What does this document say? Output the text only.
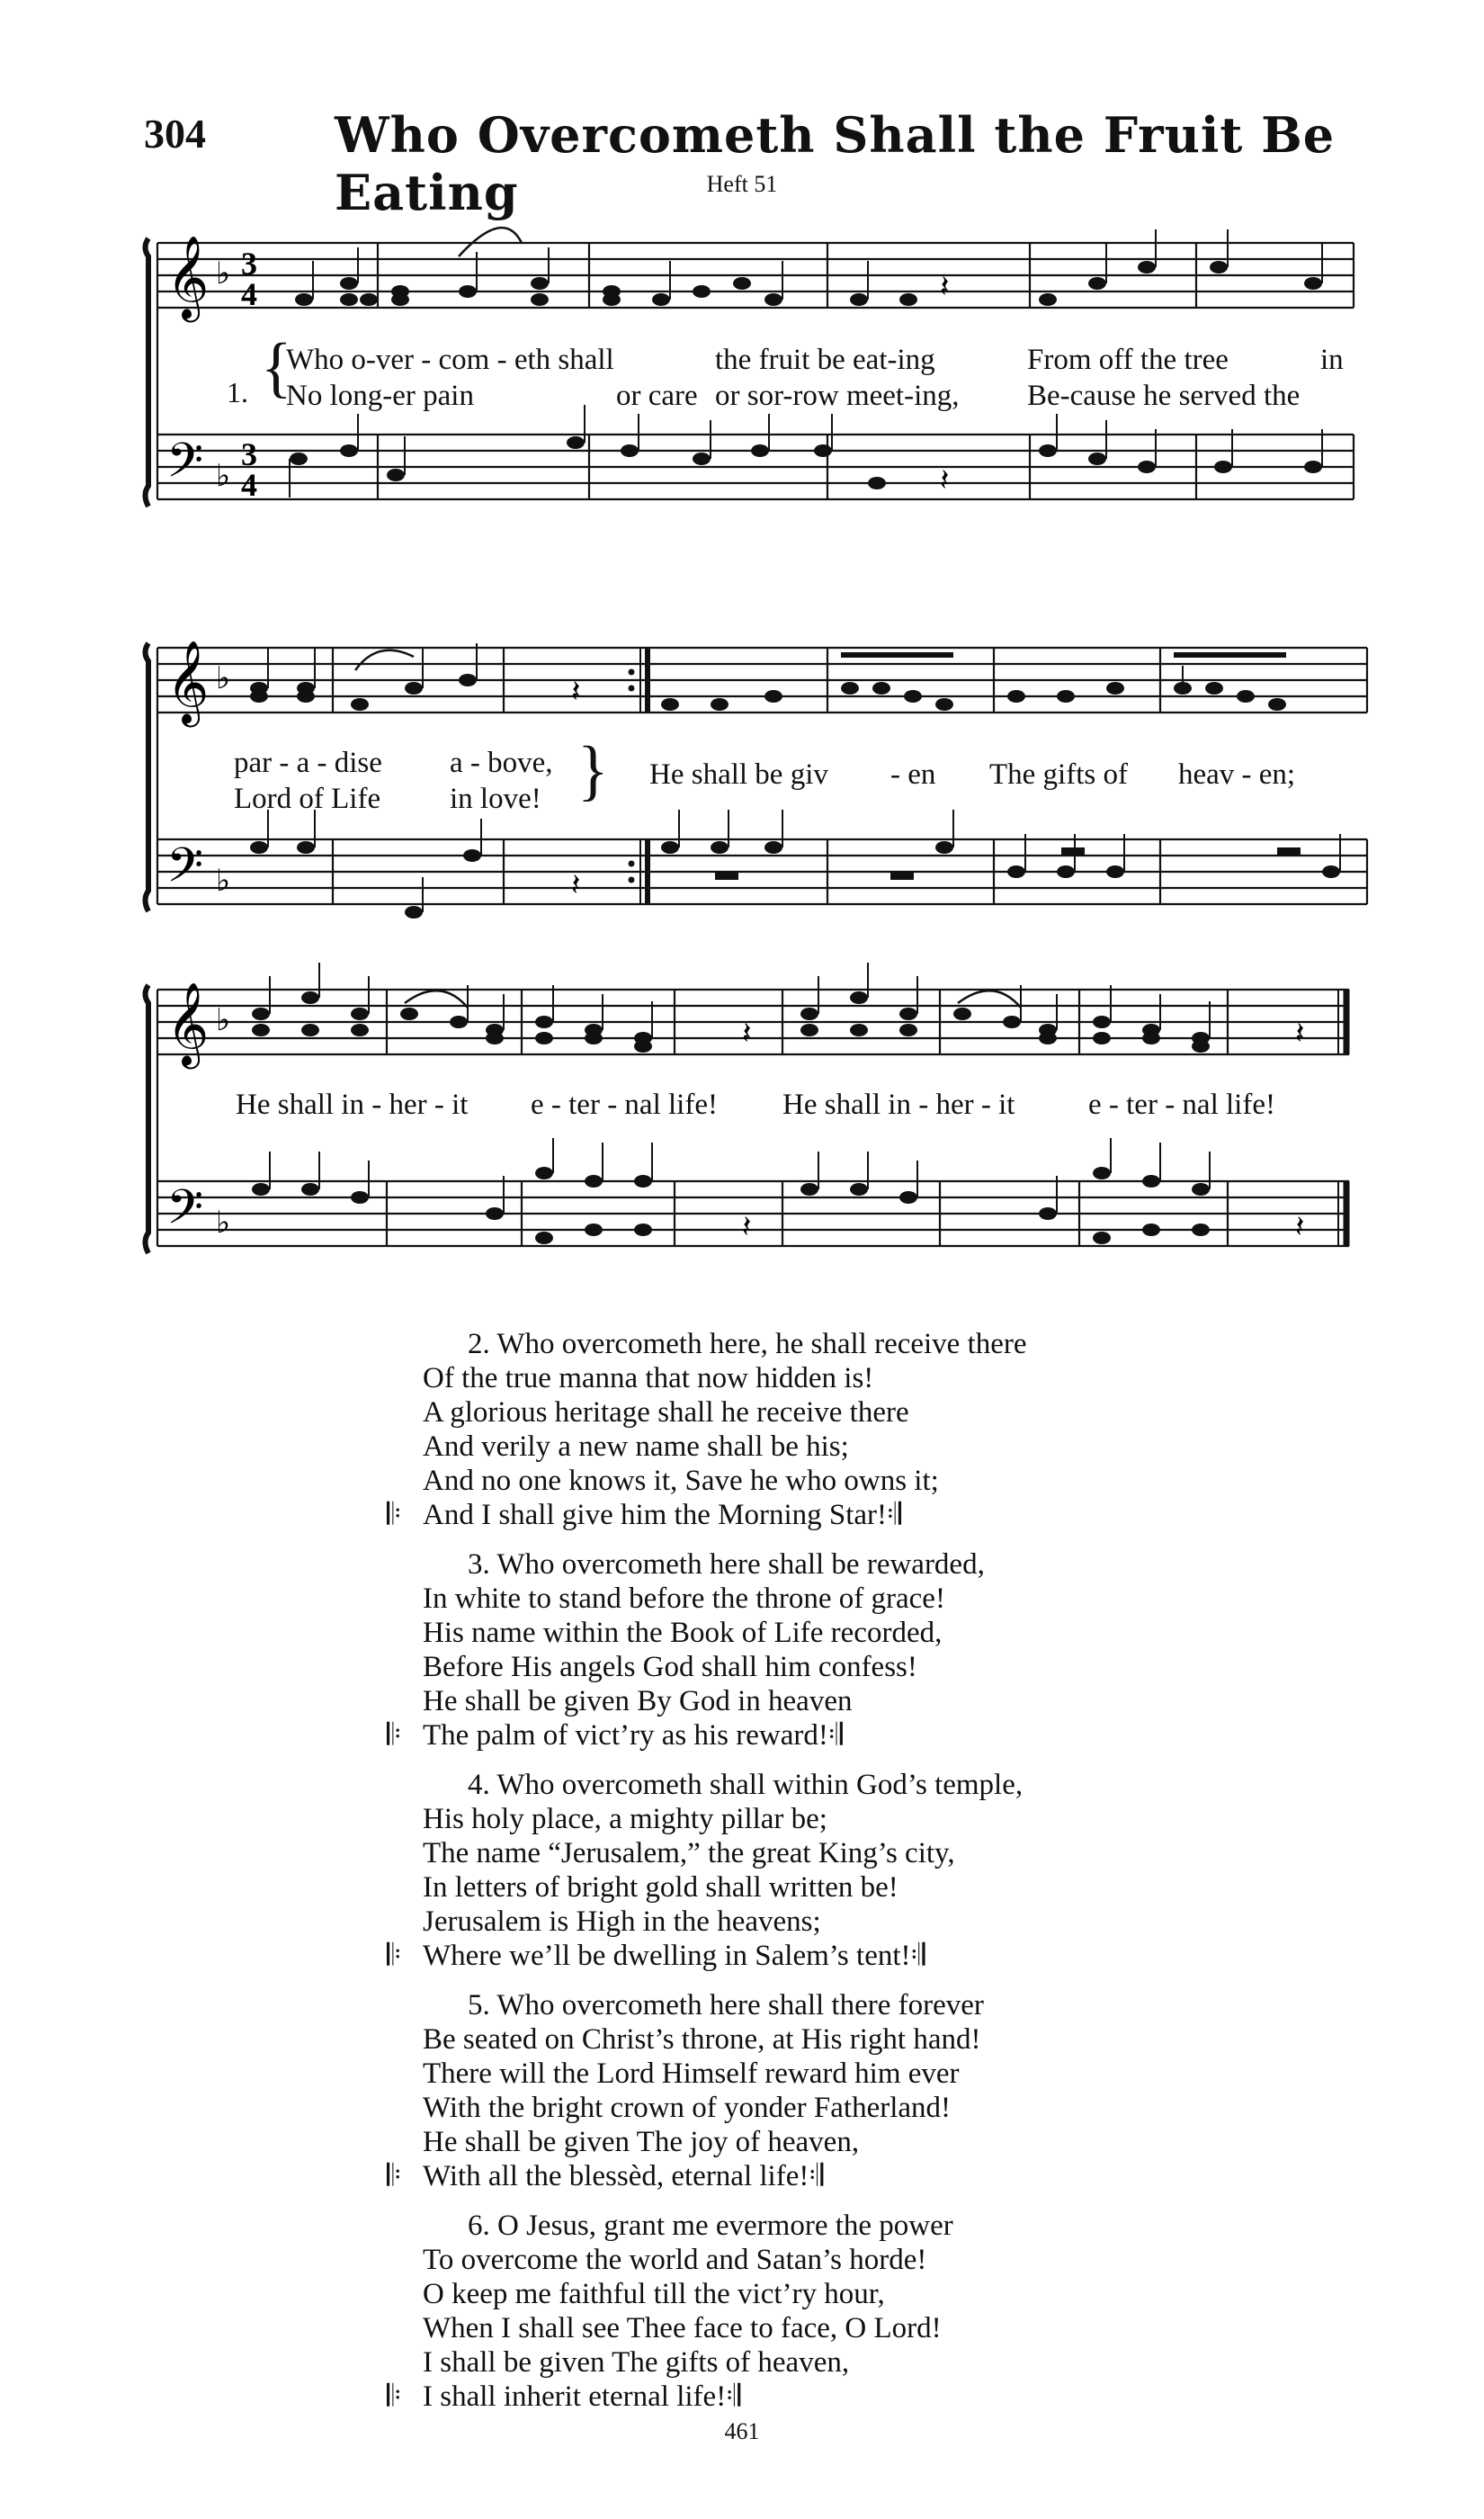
304	Who Overcometh Shall the Fruit Be Eating	Heft 51
𝄞
𝄢
♭
♭
3
4
3
4
𝄽
𝄽
1. {
Who o-ver - com - eth shall	the fruit be eat-ing	From off the tree	in
No long-er pain	or care or sor-row meet-ing, Be-cause he served the
𝄞
𝄢
♭
♭
𝄽
𝄽
par - a - dise a - bove,
Lord of Life in love! } He shall be giv - en The gifts of heav - en;
𝄞
𝄢
♭
♭
𝄽	𝄽
𝄽	𝄽
He shall in - her - it e - ter - nal life! He shall in - her - it e - ter - nal life!
2. Who overcometh here, he shall receive there
Of the true manna that now hidden is!
A glorious heritage shall he receive there
And verily a new name shall be his;
And no one knows it, Save he who owns it;
𝄆 And I shall give him the Morning Star!𝄇
3. Who overcometh here shall be rewarded,
In white to stand before the throne of grace!
His name within the Book of Life recorded,
Before His angels God shall him confess!
He shall be given By God in heaven
𝄆 The palm of vict’ry as his reward!𝄇
4. Who overcometh shall within God’s temple,
His holy place, a mighty pillar be;
The name “Jerusalem,” the great King’s city,
In letters of bright gold shall written be!
Jerusalem is High in the heavens;
𝄆 Where we’ll be dwelling in Salem’s tent!𝄇
5. Who overcometh here shall there forever
Be seated on Christ’s throne, at His right hand!
There will the Lord Himself reward him ever
With the bright crown of yonder Fatherland!
He shall be given The joy of heaven,
𝄆 With all the blessèd, eternal life!𝄇
6. O Jesus, grant me evermore the power
To overcome the world and Satan’s horde!
O keep me faithful till the vict’ry hour,
When I shall see Thee face to face, O Lord!
I shall be given The gifts of heaven,
𝄆 I shall inherit eternal life!𝄇
461
